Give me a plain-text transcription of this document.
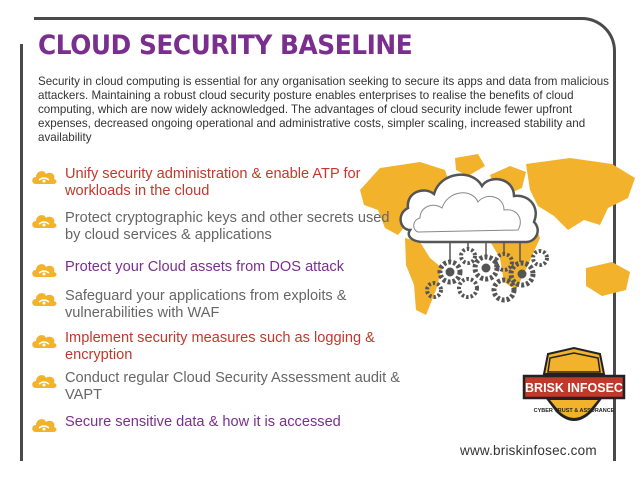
CLOUD SECURITY BASELINE

Security in cloud computing is essential for any organisation seeking to secure its apps and data from malicious attackers. Maintaining a robust cloud security posture enables enterprises to realise the benefits of cloud computing, which are now widely acknowledged. The advantages of cloud security include fewer upfront expenses, decreased ongoing operational and administrative costs, simpler scaling, increased stability and availability

Unify security administration & enable ATP for workloads in the cloud
Protect cryptographic keys and other secrets used by cloud services & applications
Protect your Cloud assets from DOS attack
Safeguard your applications from exploits & vulnerabilities with WAF
Implement security measures such as logging & encryption
Conduct regular Cloud Security Assessment audit & VAPT
Secure sensitive data & how it is accessed
BRISK INFOSEC
CYBER TRUST & ASSURANCE
www.briskinfosec.com
